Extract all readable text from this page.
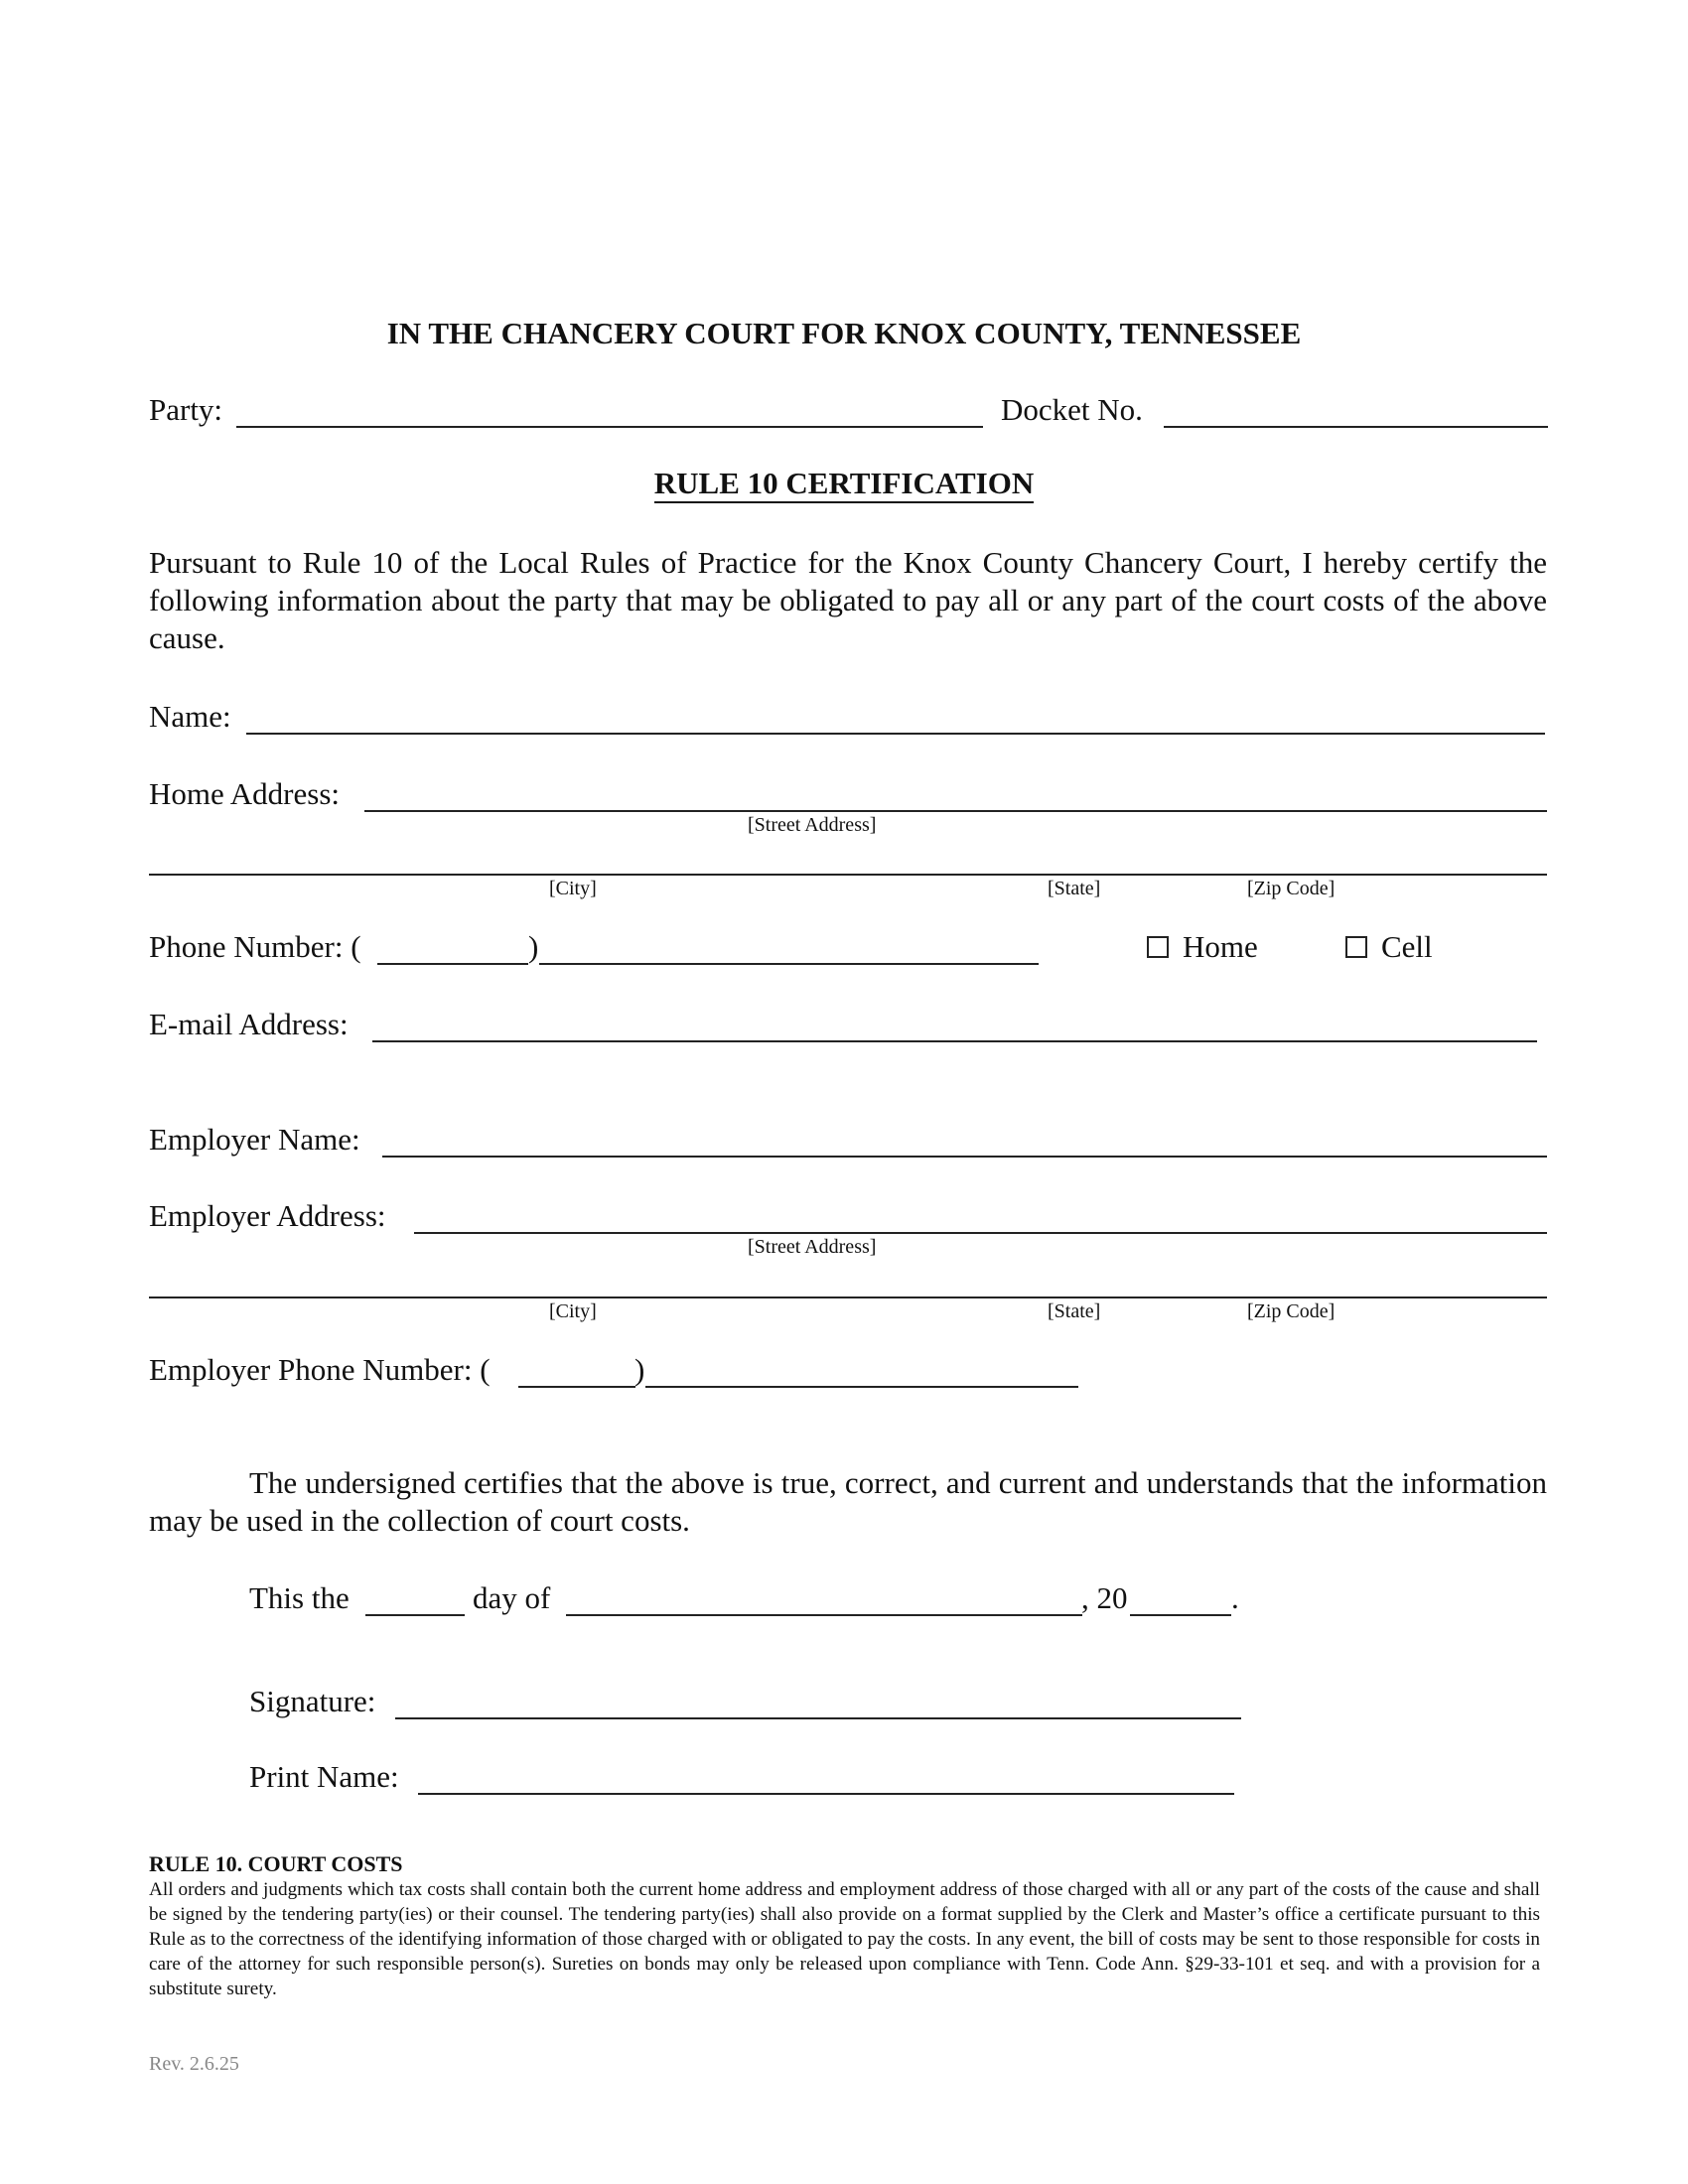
IN THE CHANCERY COURT FOR KNOX COUNTY, TENNESSEE
Party:	Docket No.
RULE 10 CERTIFICATION
Pursuant to Rule 10 of the Local Rules of Practice for the Knox County Chancery Court, I hereby certify the following information about the party that may be obligated to pay all or any part of the court costs of the above cause.
Name:
Home Address:
[Street Address]
[City]	[State]	[Zip Code]
Phone Number: (	)	Home	Cell
E-mail Address:
Employer Name:
Employer Address:
[Street Address]
[City]	[State]	[Zip Code]
Employer Phone Number: (	)
The undersigned certifies that the above is true, correct, and current and understands that the information may be used in the collection of court costs.
This the	day of	, 20	.
Signature:
Print Name:
RULE 10. COURT COSTS
All orders and judgments which tax costs shall contain both the current home address and employment address of those charged with all or any part of the costs of the cause and shall be signed by the tendering party(ies) or their counsel. The tendering party(ies) shall also provide on a format supplied by the Clerk and Master’s office a certificate pursuant to this Rule as to the correctness of the identifying information of those charged with or obligated to pay the costs. In any event, the bill of costs may be sent to those responsible for costs in care of the attorney for such responsible person(s). Sureties on bonds may only be released upon compliance with Tenn. Code Ann. §29-33-101 et seq. and with a provision for a substitute surety.
Rev. 2.6.25
